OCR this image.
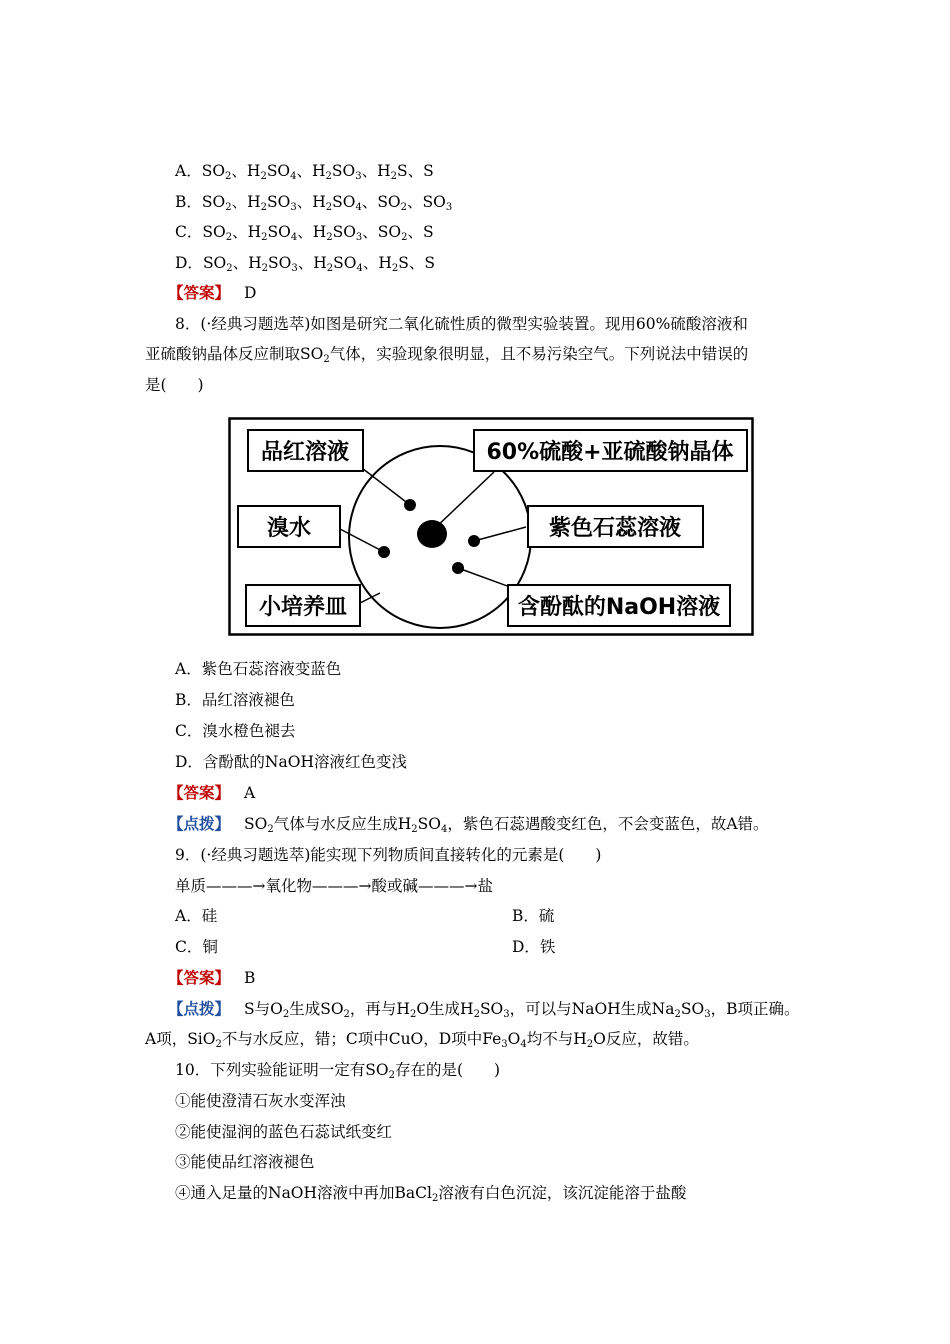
A．$SO_2$、$H_2SO_4$、$H_2SO_3$、$H_2S$、S
B．$SO_2$、$H_2SO_3$、$H_2SO_4$、$SO_2$、$SO_3$
C．$SO_2$、$H_2SO_4$、$H_2SO_3$、$SO_2$、S
D．$SO_2$、$H_2SO_3$、$H_2SO_4$、$H_2S$、S
【答案】 D
8．(·经典习题选萃)如图是研究二氧化硫性质的微型实验装置。现用60%硫酸溶液和
亚硫酸钠晶体反应制取$SO_2$气体，实验现象很明显，且不易污染空气。下列说法中错误的
是(　　)
品红溶液	60%硫酸+亚硫酸钠晶体
溴水	紫色石蕊溶液
小培养皿	含酚酞的NaOH溶液
A．紫色石蕊溶液变蓝色
B．品红溶液褪色
C．溴水橙色褪去
D．含酚酞的NaOH溶液红色变浅
【答案】 A
【点拨】 $SO_2$气体与水反应生成$H_2SO_4$，紫色石蕊遇酸变红色，不会变蓝色，故A错。
9．(·经典习题选萃)能实现下列物质间直接转化的元素是(　　)
单质———→氧化物———→酸或碱———→盐
A．硅	B．硫
C．铜	D．铁
【答案】 B
【点拨】 S与$O_2$生成$SO_2$，再与$H_2O$生成$H_2SO_3$，可以与NaOH生成$Na_2SO_3$，B项正确。
A项，SiO$_2$不与水反应，错；C项中CuO，D项中$Fe_3O_4$均不与$H_2O$反应，故错。
10．下列实验能证明一定有$SO_2$存在的是(　　)
①能使澄清石灰水变浑浊
②能使湿润的蓝色石蕊试纸变红
③能使品红溶液褪色
④通入足量的NaOH溶液中再加BaCl$_2$溶液有白色沉淀，该沉淀能溶于盐酸
